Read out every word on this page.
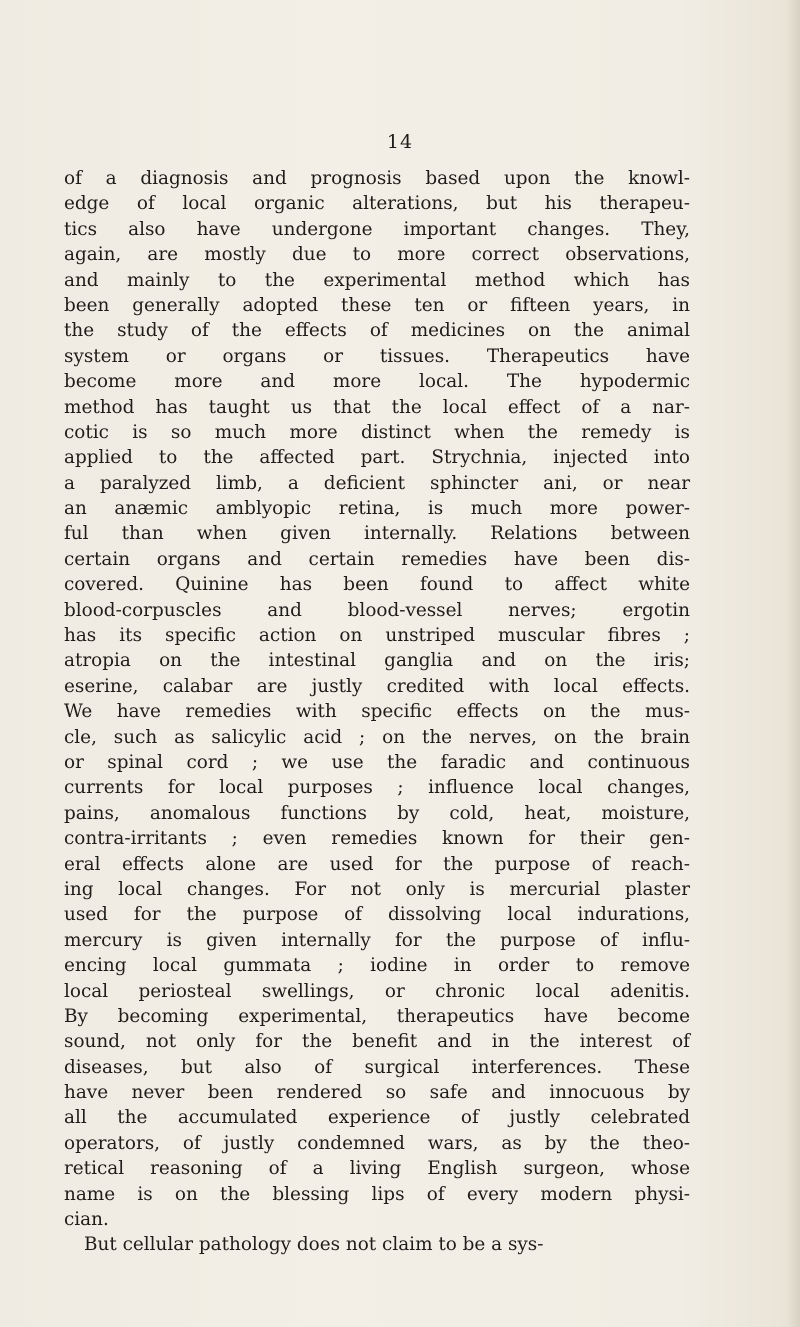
14
of a diagnosis and prognosis based upon the knowl-
edge of local organic alterations, but his therapeu-
tics also have undergone important changes. They,
again, are mostly due to more correct observations,
and mainly to the experimental method which has
been generally adopted these ten or fifteen years, in
the study of the effects of medicines on the animal
system or organs or tissues. Therapeutics have
become more and more local. The hypodermic
method has taught us that the local effect of a nar-
cotic is so much more distinct when the remedy is
applied to the affected part. Strychnia, injected into
a paralyzed limb, a deficient sphincter ani, or near
an anæmic amblyopic retina, is much more power-
ful than when given internally. Relations between
certain organs and certain remedies have been dis-
covered. Quinine has been found to affect white
blood-corpuscles and blood-vessel nerves; ergotin
has its specific action on unstriped muscular fibres ;
atropia on the intestinal ganglia and on the iris;
eserine, calabar are justly credited with local effects.
We have remedies with specific effects on the mus-
cle, such as salicylic acid ; on the nerves, on the brain
or spinal cord ; we use the faradic and continuous
currents for local purposes ; influence local changes,
pains, anomalous functions by cold, heat, moisture,
contra-irritants ; even remedies known for their gen-
eral effects alone are used for the purpose of reach-
ing local changes. For not only is mercurial plaster
used for the purpose of dissolving local indurations,
mercury is given internally for the purpose of influ-
encing local gummata ; iodine in order to remove
local periosteal swellings, or chronic local adenitis.
By becoming experimental, therapeutics have become
sound, not only for the benefit and in the interest of
diseases, but also of surgical interferences. These
have never been rendered so safe and innocuous by
all the accumulated experience of justly celebrated
operators, of justly condemned wars, as by the theo-
retical reasoning of a living English surgeon, whose
name is on the blessing lips of every modern physi-
cian.
But cellular pathology does not claim to be a sys-
